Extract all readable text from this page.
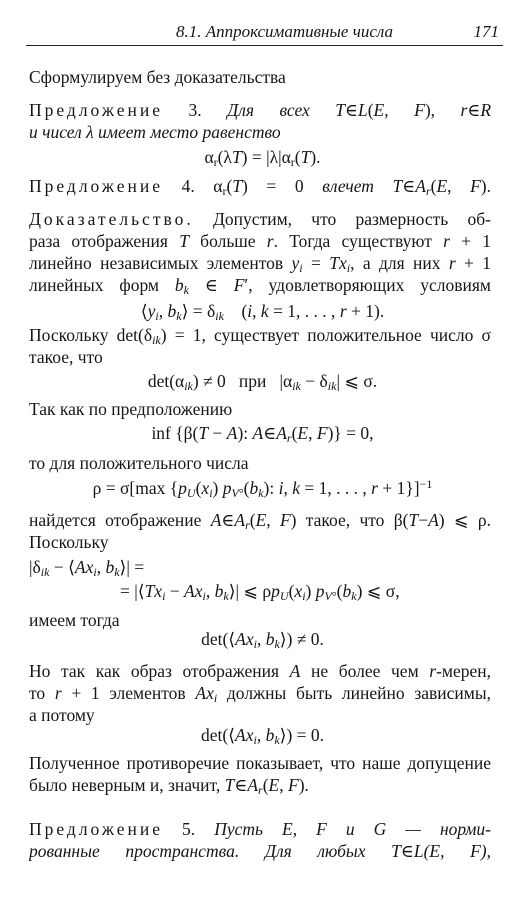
8.1. Аппроксимативные числа	171
Сформулируем без доказательства
Предложение 3. Для всех T∈L(E, F), r∈R
и чисел λ имеет место равенство
$\alpha_r(\lambda T) = |\lambda|\alpha_r(T)$.
Предложение 4. $\alpha_r(T) = 0$ влечет $T\in A_r(E$, F).
Доказательство. Допустим, что размерность об-
раза отображения T больше r. Тогда существуют r + 1
линейно независимых элементов $y_i = Tx_i$, а для них r + 1
линейных форм $b_k$ ∈ F′, удовлетворяющих условиям
$⟨y_i$, $b_k⟩ = \delta_{ik}$    (i, k = 1, . . . , r + 1).
Поскольку $\det(\delta_{ik}) = 1$, существует положительное число σ
такое, что
$\det(\alpha_{ik}) \ne 0$   при   $|\alpha_{ik} - \delta_{ik}|$ ⩽ σ.
Так как по предположению
inf {β(T − A): $A\in A_r(E$, F)} = 0,
то для положительного числа
ρ = σ[max {$p_U(x_i)$ $p_{V^\circ}(b_k)$: i, k = 1, . . . , r + 1}]$^{-1}$
найдется отображение $A\in A_r(E$, F) такое, что β(T−A) ⩽ ρ.
Поскольку
$|\delta_{ik}$ − $⟨Ax_i$, $b_k⟩|$ =
= $|⟨Tx_i - Ax_i$, $b_k⟩|$ ⩽ $\rho p_U(x_i)$ $p_{V^\circ}(b_k)$ ⩽ σ,
имеем тогда
$\det(⟨Ax_i$, $b_k⟩) \ne 0$.
Но так как образ отображения A не более чем r-мерен,
то r + 1 элементов $Ax_i$ должны быть линейно зависимы,
а потому
$\det(⟨Ax_i$, $b_k⟩) = 0$.
Полученное противоречие показывает, что наше допущение
было неверным и, значит, $T\in A_r(E$, F).
Предложение 5. Пусть E, F и G — норми-
рованные пространства. Для любых T∈L(E, F),
